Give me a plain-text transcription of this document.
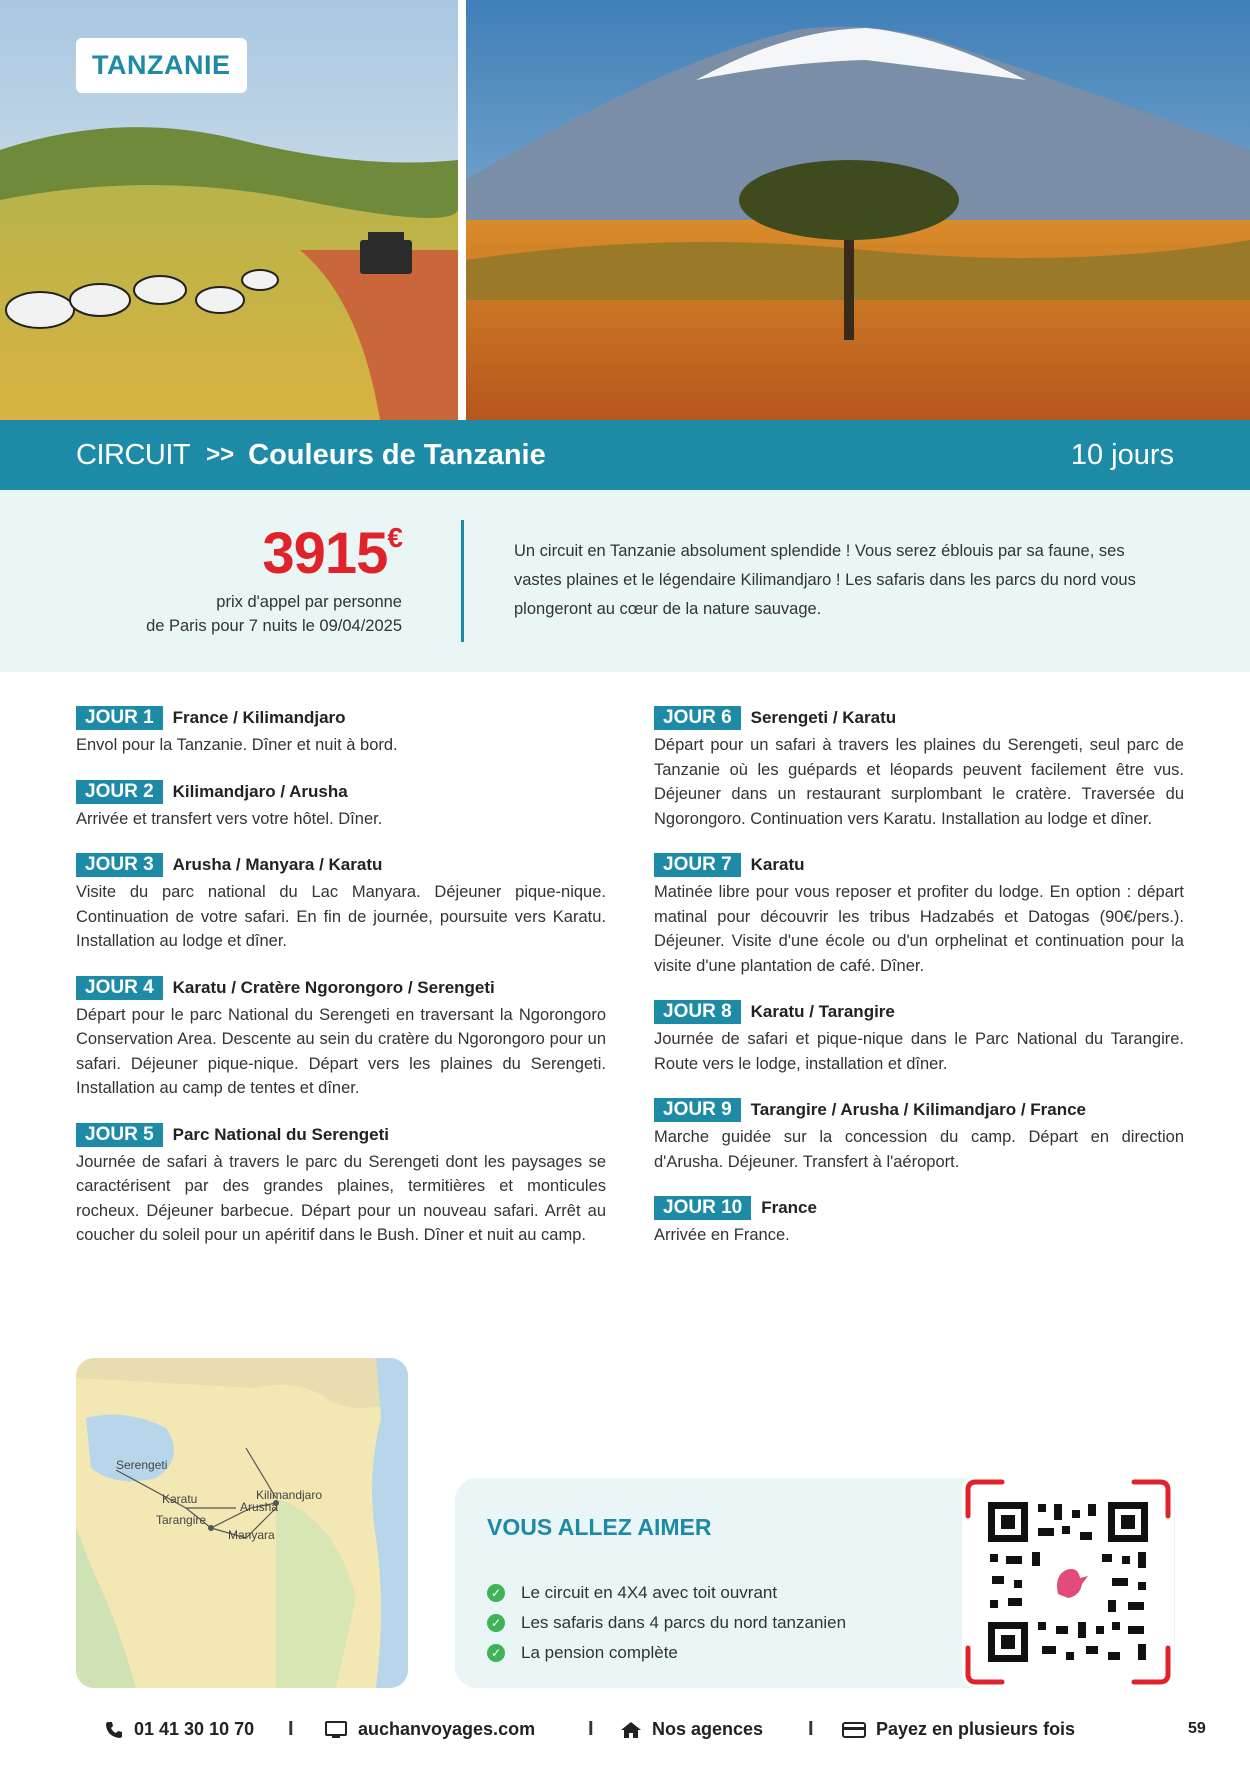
TANZANIE
CIRCUIT >> Couleurs de Tanzanie	10 jours
3915€
prix d'appel par personne
de Paris pour 7 nuits le 09/04/2025
Un circuit en Tanzanie absolument splendide ! Vous serez éblouis par sa faune, ses vastes plaines et le légendaire Kilimandjaro ! Les safaris dans les parcs du nord vous plongeront au cœur de la nature sauvage.
JOUR 1	France / Kilimandjaro
Envol pour la Tanzanie. Dîner et nuit à bord.
JOUR 2	Kilimandjaro / Arusha
Arrivée et transfert vers votre hôtel. Dîner.
JOUR 3	Arusha / Manyara / Karatu
Visite du parc national du Lac Manyara. Déjeuner pique-nique. Continuation de votre safari. En fin de journée, poursuite vers Karatu. Installation au lodge et dîner.
JOUR 4	Karatu / Cratère Ngorongoro / Serengeti
Départ pour le parc National du Serengeti en traversant la Ngorongoro Conservation Area. Descente au sein du cratère du Ngorongoro pour un safari. Déjeuner pique-nique. Départ vers les plaines du Serengeti. Installation au camp de tentes et dîner.
JOUR 5	Parc National du Serengeti
Journée de safari à travers le parc du Serengeti dont les paysages se caractérisent par des grandes plaines, termitières et monticules rocheux. Déjeuner barbecue. Départ pour un nouveau safari. Arrêt au coucher du soleil pour un apéritif dans le Bush. Dîner et nuit au camp.
JOUR 6	Serengeti / Karatu
Départ pour un safari à travers les plaines du Serengeti, seul parc de Tanzanie où les guépards et léopards peuvent facilement être vus. Déjeuner dans un restaurant surplombant le cratère. Traversée du Ngorongoro. Continuation vers Karatu. Installation au lodge et dîner.
JOUR 7	Karatu
Matinée libre pour vous reposer et profiter du lodge. En option : départ matinal pour découvrir les tribus Hadzabés et Datogas (90€/pers.). Déjeuner. Visite d'une école ou d'un orphelinat et continuation pour la visite d'une plantation de café. Dîner.
JOUR 8	Karatu / Tarangire
Journée de safari et pique-nique dans le Parc National du Tarangire. Route vers le lodge, installation et dîner.
JOUR 9	Tarangire / Arusha / Kilimandjaro / France
Marche guidée sur la concession du camp. Départ en direction d'Arusha. Déjeuner. Transfert à l'aéroport.
JOUR 10	France
Arrivée en France.
Serengeti
Karatu
Tarangire
Kilimandjaro
Arusha
Manyara	VOUS ALLEZ AIMER
✓ Le circuit en 4X4 avec toit ouvrant
✓ Les safaris dans 4 parcs du nord tanzanien
✓ La pension complète
01 41 30 10 70 I	auchanvoyages.com	I	Nos agences I	Payez en plusieurs fois	59
